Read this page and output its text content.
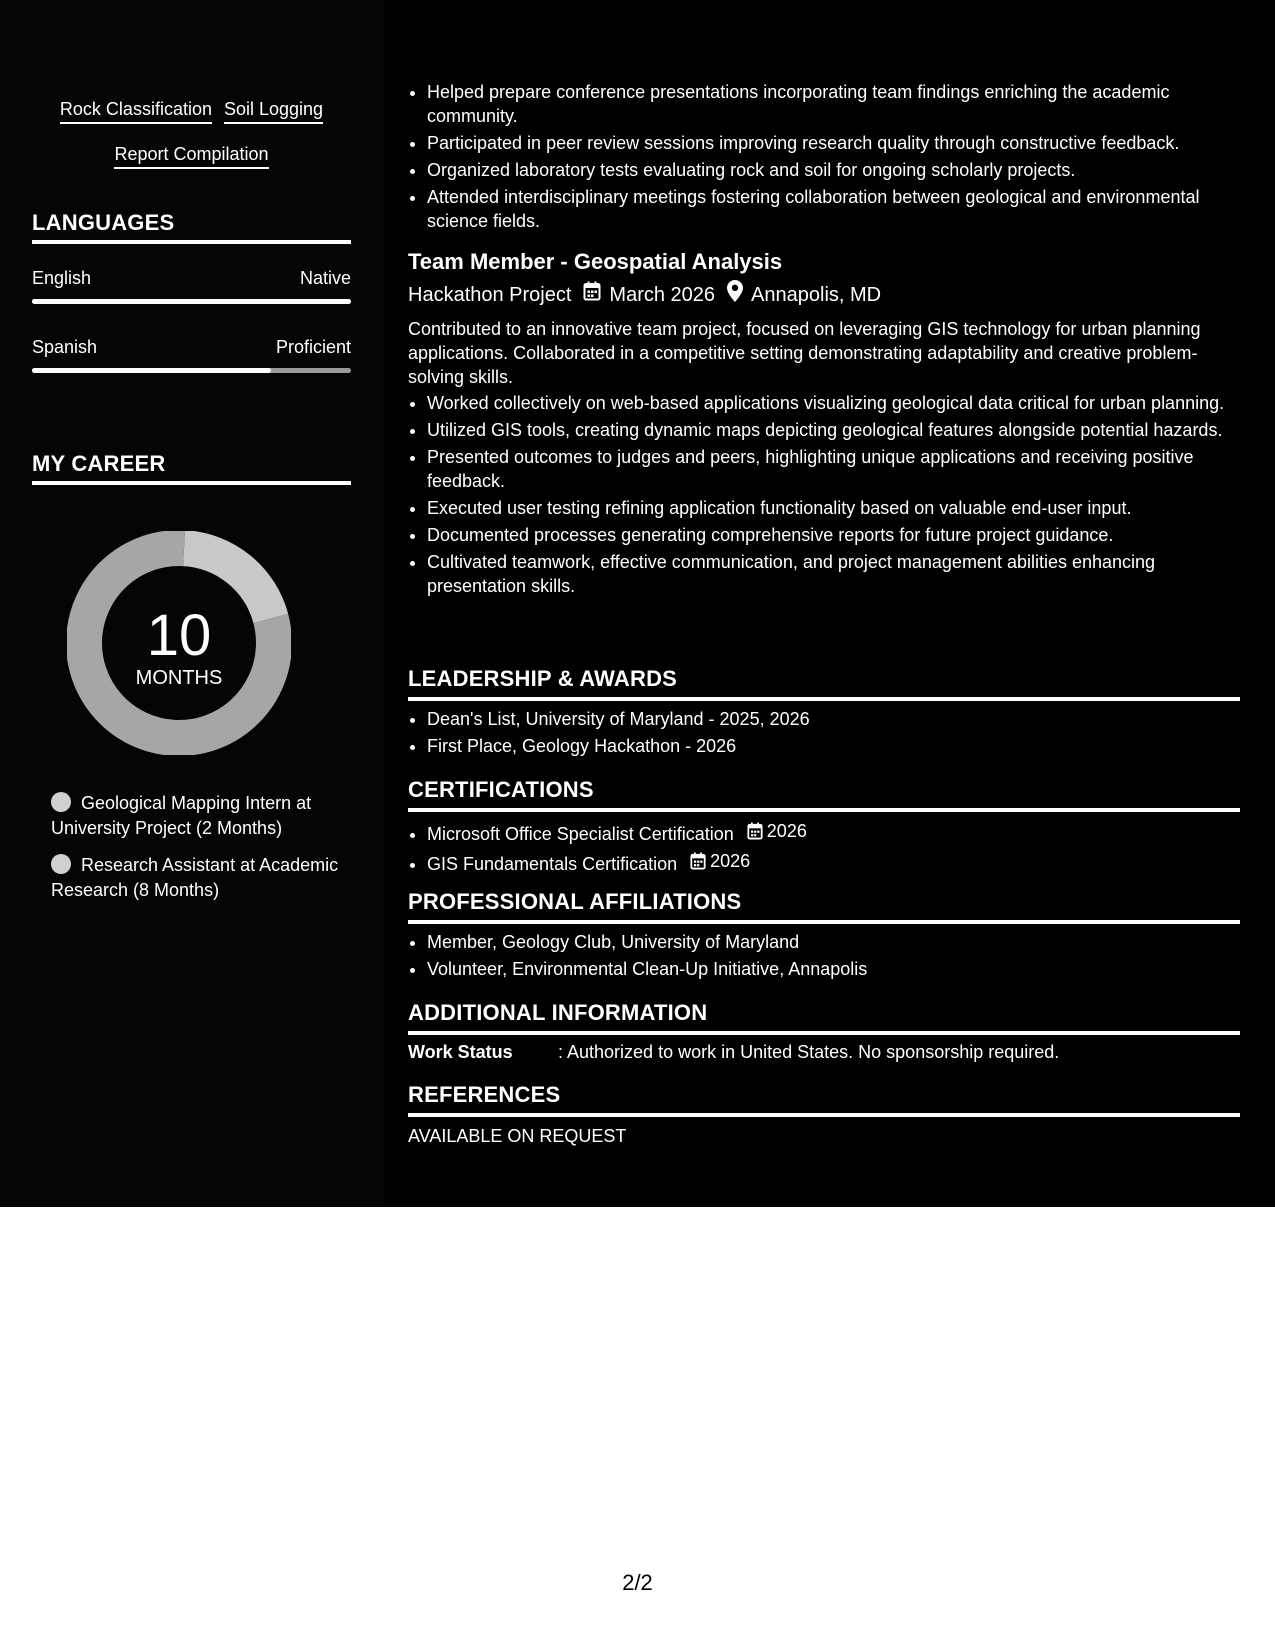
Rock Classification Soil Logging
Report Compilation
LANGUAGES
English	Native
Spanish	Proficient
MY CAREER
10
MONTHS
Geological Mapping Intern at University Project (2 Months)
Research Assistant at Academic Research (8 Months)
• Helped prepare conference presentations incorporating team findings enriching the academic community.
• Participated in peer review sessions improving research quality through constructive feedback.
• Organized laboratory tests evaluating rock and soil for ongoing scholarly projects.
• Attended interdisciplinary meetings fostering collaboration between geological and environmental science fields.
Team Member - Geospatial Analysis
Hackathon Project March 2026 Annapolis, MD
Contributed to an innovative team project, focused on leveraging GIS technology for urban planning applications. Collaborated in a competitive setting demonstrating adaptability and creative problem-solving skills.
• Worked collectively on web-based applications visualizing geological data critical for urban planning.
• Utilized GIS tools, creating dynamic maps depicting geological features alongside potential hazards.
• Presented outcomes to judges and peers, highlighting unique applications and receiving positive feedback.
• Executed user testing refining application functionality based on valuable end-user input.
• Documented processes generating comprehensive reports for future project guidance.
• Cultivated teamwork, effective communication, and project management abilities enhancing presentation skills.
LEADERSHIP & AWARDS
• Dean's List, University of Maryland - 2025, 2026
• First Place, Geology Hackathon - 2026
CERTIFICATIONS
• Microsoft Office Specialist Certification 2026
• GIS Fundamentals Certification 2026
PROFESSIONAL AFFILIATIONS
• Member, Geology Club, University of Maryland
• Volunteer, Environmental Clean-Up Initiative, Annapolis
ADDITIONAL INFORMATION
Work Status	: Authorized to work in United States. No sponsorship required.
REFERENCES
AVAILABLE ON REQUEST
2/2
